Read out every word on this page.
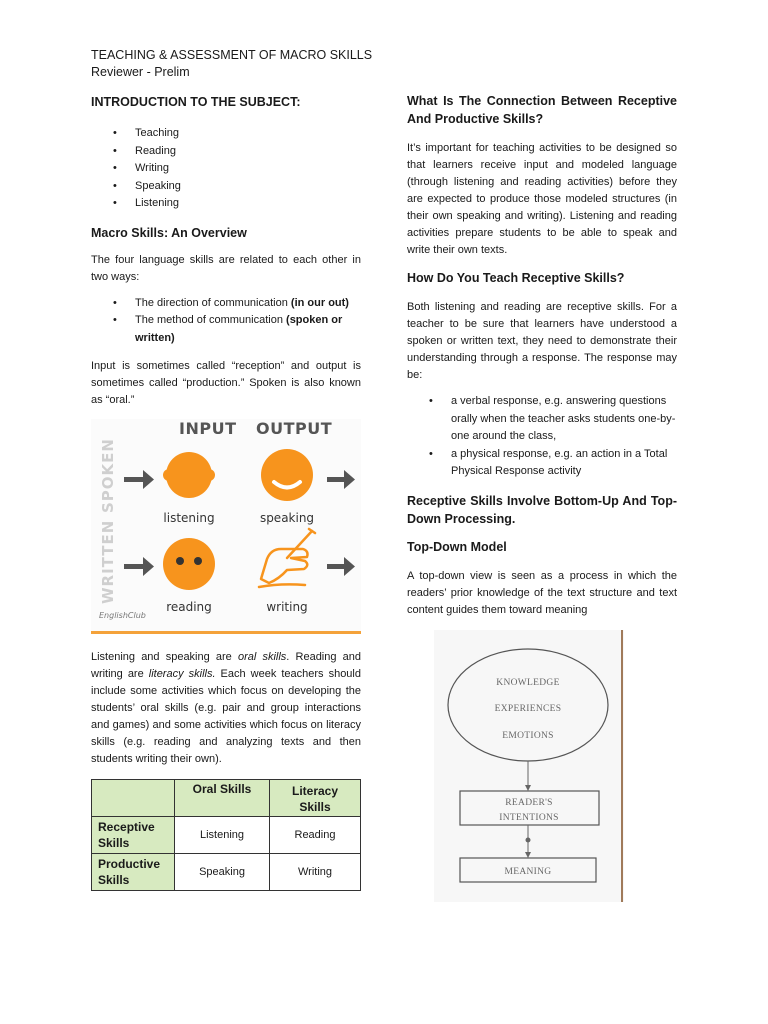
TEACHING & ASSESSMENT OF MACRO SKILLS
Reviewer - Prelim
INTRODUCTION TO THE SUBJECT:
• Teaching
• Reading
• Writing
• Speaking
• Listening
Macro Skills: An Overview

The four language skills are related to each other in two ways:

• The direction of communication (in our out)
• The method of communication (spoken or written)

Input is sometimes called “reception” and output is sometimes called “production.” Spoken is also known as “oral.”

INPUT OUTPUT
SPOKEN
WRITTEN
listening	speaking
reading	writing
EnglishClub

Listening and speaking are oral skills. Reading and writing are literacy skills. Each week teachers should include some activities which focus on developing the students’ oral skills (e.g. pair and group interactions and games) and some activities which focus on literacy skills (e.g. reading and analyzing texts and then students writing their own).

	Oral Skills	Literacy Skills
Receptive Skills	Listening	Reading
Productive Skills	Speaking	Writing
What Is The Connection Between Receptive And Productive Skills?

It’s important for teaching activities to be designed so that learners receive input and modeled language (through listening and reading activities) before they are expected to produce those modeled structures (in their own speaking and writing). Listening and reading activities prepare students to be able to speak and write their own texts.

How Do You Teach Receptive Skills?

Both listening and reading are receptive skills. For a teacher to be sure that learners have understood a spoken or written text, they need to demonstrate their understanding through a response. The response may be:

• a verbal response, e.g. answering questions orally when the teacher asks students one-by-one around the class,
• a physical response, e.g. an action in a Total Physical Response activity
Receptive Skills Involve Bottom-Up And Top-Down Processing.
Top-Down Model

A top-down view is seen as a process in which the readers’ prior knowledge of the text structure and text content guides them toward meaning

KNOWLEDGE
EXPERIENCES
EMOTIONS
READER'S
INTENTIONS
MEANING
